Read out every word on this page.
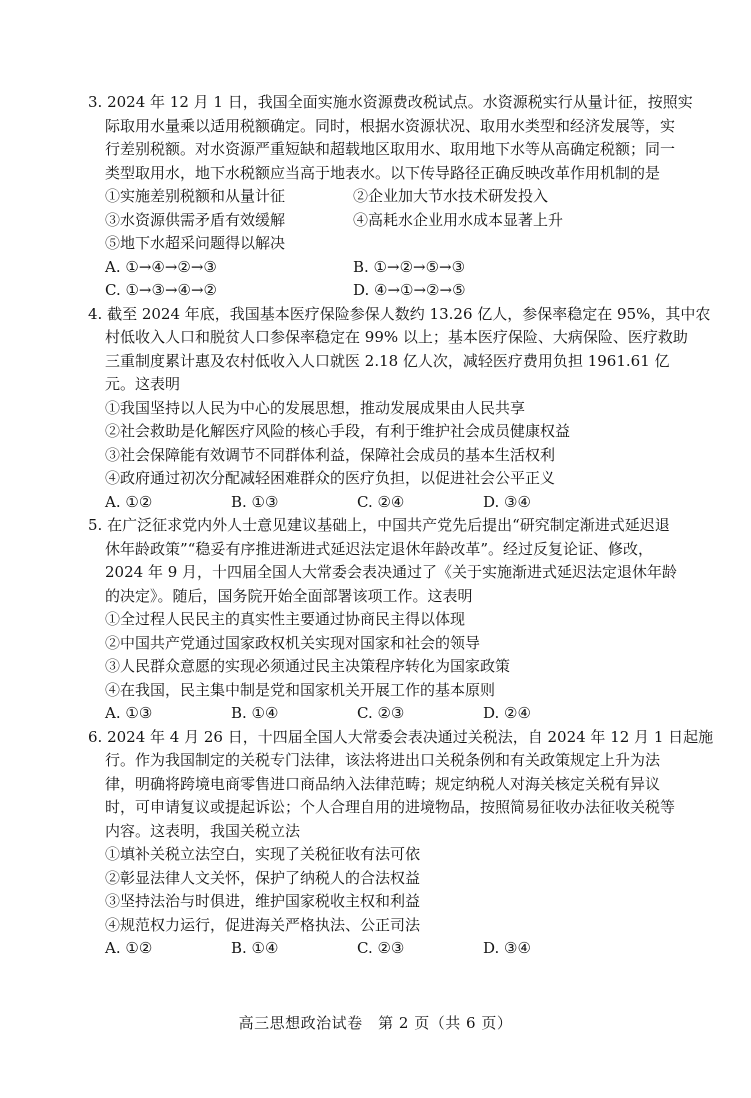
3. 2024 年 12 月 1 日，我国全面实施水资源费改税试点。水资源税实行从量计征，按照实
际取用水量乘以适用税额确定。同时，根据水资源状况、取用水类型和经济发展等，实
行差别税额。对水资源严重短缺和超载地区取用水、取用地下水等从高确定税额；同一
类型取用水，地下水税额应当高于地表水。以下传导路径正确反映改革作用机制的是
①实施差别税额和从量计征	②企业加大节水技术研发投入
③水资源供需矛盾有效缓解	④高耗水企业用水成本显著上升
⑤地下水超采问题得以解决
A. ①→④→②→③	B. ①→②→⑤→③
C. ①→③→④→②	D. ④→①→②→⑤
4. 截至 2024 年底，我国基本医疗保险参保人数约 13.26 亿人，参保率稳定在 95%，其中农
村低收入人口和脱贫人口参保率稳定在 99% 以上；基本医疗保险、大病保险、医疗救助
三重制度累计惠及农村低收入人口就医 2.18 亿人次，减轻医疗费用负担 1961.61 亿
元。这表明
①我国坚持以人民为中心的发展思想，推动发展成果由人民共享
②社会救助是化解医疗风险的核心手段，有利于维护社会成员健康权益
③社会保障能有效调节不同群体利益，保障社会成员的基本生活权利
④政府通过初次分配减轻困难群众的医疗负担，以促进社会公平正义
A. ①②	B. ①③	C. ②④	D. ③④
5. 在广泛征求党内外人士意见建议基础上，中国共产党先后提出“研究制定渐进式延迟退
休年龄政策”“稳妥有序推进渐进式延迟法定退休年龄改革”。经过反复论证、修改，
2024 年 9 月，十四届全国人大常委会表决通过了《关于实施渐进式延迟法定退休年龄
的决定》。随后，国务院开始全面部署该项工作。这表明
①全过程人民民主的真实性主要通过协商民主得以体现
②中国共产党通过国家政权机关实现对国家和社会的领导
③人民群众意愿的实现必须通过民主决策程序转化为国家政策
④在我国，民主集中制是党和国家机关开展工作的基本原则
A. ①③	B. ①④	C. ②③	D. ②④
6. 2024 年 4 月 26 日，十四届全国人大常委会表决通过关税法，自 2024 年 12 月 1 日起施
行。作为我国制定的关税专门法律，该法将进出口关税条例和有关政策规定上升为法
律，明确将跨境电商零售进口商品纳入法律范畴；规定纳税人对海关核定关税有异议
时，可申请复议或提起诉讼；个人合理自用的进境物品，按照简易征收办法征收关税等
内容。这表明，我国关税立法
①填补关税立法空白，实现了关税征收有法可依
②彰显法律人文关怀，保护了纳税人的合法权益
③坚持法治与时俱进，维护国家税收主权和利益
④规范权力运行，促进海关严格执法、公正司法
A. ①②	B. ①④	C. ②③	D. ③④
高三思想政治试卷　第 2 页（共 6 页）
